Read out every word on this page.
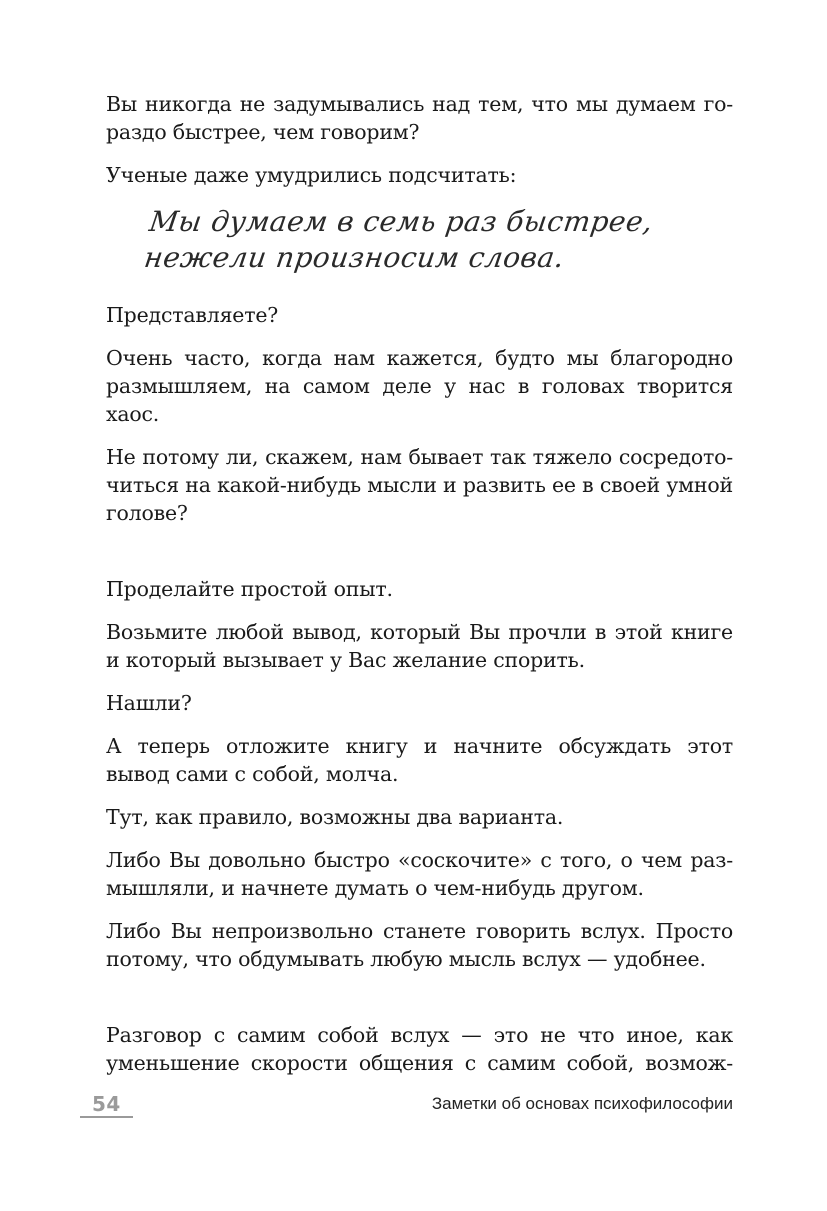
Вы никогда не задумывались над тем, что мы думаем го-раздо быстрее, чем говорим?

Ученые даже умудрились подсчитать:

Мы думаем в семь раз быстрее,
нежели произносим слова.

Представляете?

Очень часто, когда нам кажется, будто мы благородно размышляем, на самом деле у нас в головах творится хаос.

Не потому ли, скажем, нам бывает так тяжело сосредото-читься на какой-нибудь мысли и развить ее в своей умной голове?

Проделайте простой опыт.

Возьмите любой вывод, который Вы прочли в этой книге и который вызывает у Вас желание спорить.

Нашли?

А теперь отложите книгу и начните обсуждать этот вывод сами с собой, молча.

Тут, как правило, возможны два варианта.

Либо Вы довольно быстро «соскочите» с того, о чем раз-мышляли, и начнете думать о чем-нибудь другом.

Либо Вы непроизвольно станете говорить вслух. Просто потому, что обдумывать любую мысль вслух — удобнее.

Разговор с самим собой вслух — это не что иное, как уменьшение скорости общения с самим собой, возмож-

54	Заметки об основах психофилософии
